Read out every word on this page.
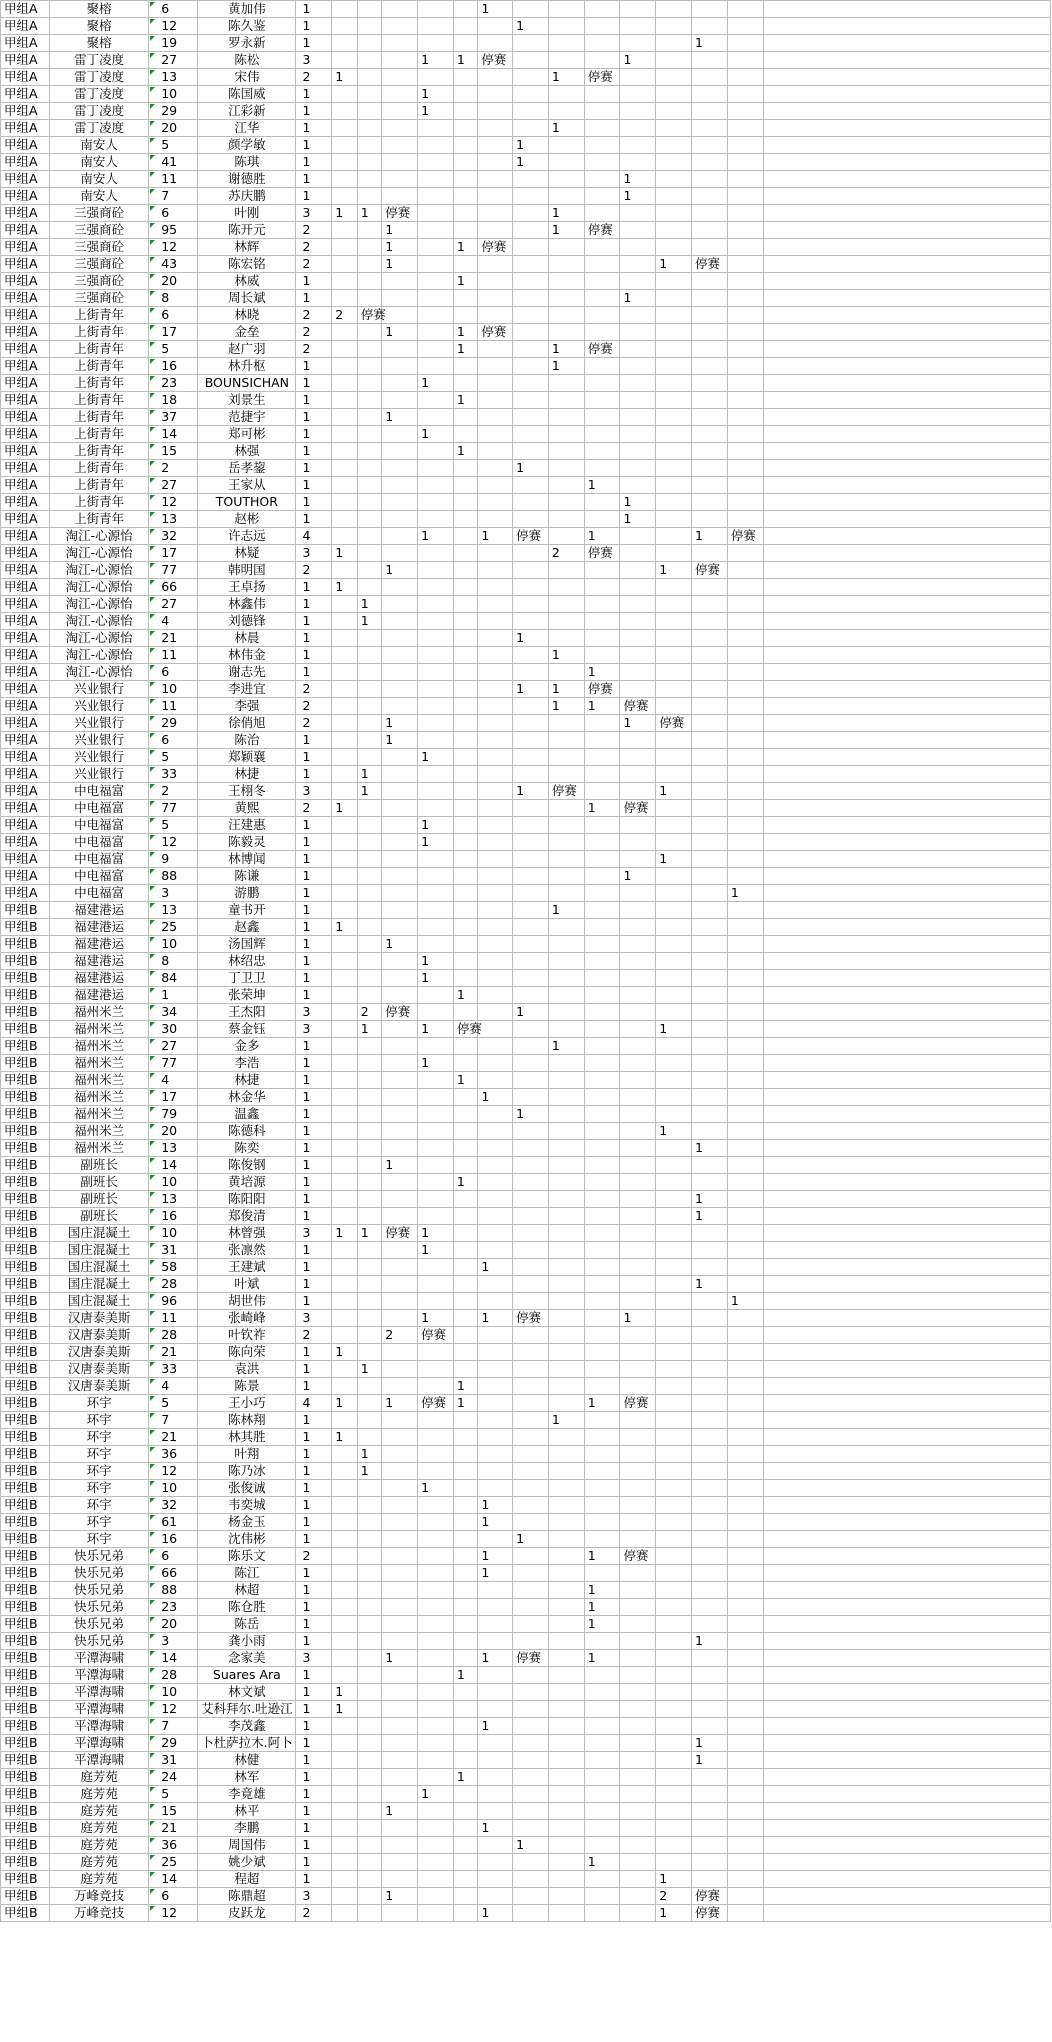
甲组A	聚榕	6	黄加伟	1						1								
甲组A	聚榕	12	陈久鉴	1							1							
甲组A	聚榕	19	罗永新	1												1		
甲组A	雷丁凌度	27	陈松	3				1	1	停赛				1				
甲组A	雷丁凌度	13	宋伟	2	1							1	停赛					
甲组A	雷丁凌度	10	陈国威	1				1										
甲组A	雷丁凌度	29	江彩新	1				1										
甲组A	雷丁凌度	20	江华	1								1						
甲组A	南安人	5	颜学敏	1							1							
甲组A	南安人	41	陈琪	1							1							
甲组A	南安人	11	谢德胜	1										1				
甲组A	南安人	7	苏庆鹏	1										1				
甲组A	三强商砼	6	叶刚	3	1	1	停赛					1						
甲组A	三强商砼	95	陈开元	2			1					1	停赛					
甲组A	三强商砼	12	林辉	2			1		1	停赛								
甲组A	三强商砼	43	陈宏铭	2			1								1	停赛		
甲组A	三强商砼	20	林威	1					1									
甲组A	三强商砼	8	周长斌	1										1				
甲组A	上街青年	6	林晓	2	2	停赛												
甲组A	上街青年	17	金垒	2			1		1	停赛								
甲组A	上街青年	5	赵广羽	2					1			1	停赛					
甲组A	上街青年	16	林升枢	1								1						
甲组A	上街青年	23	BOUNSICHAN	1				1										
甲组A	上街青年	18	刘景生	1					1									
甲组A	上街青年	37	范捷宇	1			1											
甲组A	上街青年	14	郑可彬	1				1										
甲组A	上街青年	15	林强	1					1									
甲组A	上街青年	2	岳孝鋆	1							1							
甲组A	上街青年	27	王家从	1									1					
甲组A	上街青年	12	TOUTHOR	1										1				
甲组A	上街青年	13	赵彬	1										1				
甲组A	淘江-心源怡	32	许志远	4				1		1	停赛		1			1	停赛	
甲组A	淘江-心源怡	17	林疑	3	1							2	停赛					
甲组A	淘江-心源怡	77	韩明国	2			1								1	停赛		
甲组A	淘江-心源怡	66	王卓扬	1	1													
甲组A	淘江-心源怡	27	林鑫伟	1		1												
甲组A	淘江-心源怡	4	刘德锋	1		1												
甲组A	淘江-心源怡	21	林晨	1							1							
甲组A	淘江-心源怡	11	林伟金	1								1						
甲组A	淘江-心源怡	6	谢志先	1									1					
甲组A	兴业银行	10	李进宜	2							1	1	停赛					
甲组A	兴业银行	11	李强	2								1	1	停赛				
甲组A	兴业银行	29	徐俏旭	2			1							1	停赛			
甲组A	兴业银行	6	陈治	1			1											
甲组A	兴业银行	5	郑颖襄	1				1										
甲组A	兴业银行	33	林捷	1		1												
甲组A	中电福富	2	王栩冬	3		1					1	停赛			1			
甲组A	中电福富	77	黄熙	2	1								1	停赛				
甲组A	中电福富	5	汪建惠	1				1										
甲组A	中电福富	12	陈毅灵	1				1										
甲组A	中电福富	9	林博闻	1											1			
甲组A	中电福富	88	陈谦	1										1				
甲组A	中电福富	3	游鹏	1													1	
甲组B	福建港运	13	童书开	1								1						
甲组B	福建港运	25	赵鑫	1	1													
甲组B	福建港运	10	汤国辉	1			1											
甲组B	福建港运	8	林绍忠	1				1										
甲组B	福建港运	84	丁卫卫	1				1										
甲组B	福建港运	1	张荣坤	1					1									
甲组B	福州米兰	34	王杰阳	3		2	停赛				1							
甲组B	福州米兰	30	蔡金钰	3		1		1	停赛						1			
甲组B	福州米兰	27	金多	1								1						
甲组B	福州米兰	77	李浩	1				1										
甲组B	福州米兰	4	林捷	1					1									
甲组B	福州米兰	17	林金华	1						1								
甲组B	福州米兰	79	温鑫	1							1							
甲组B	福州米兰	20	陈德科	1											1			
甲组B	福州米兰	13	陈奕	1												1		
甲组B	副班长	14	陈俊钢	1			1											
甲组B	副班长	10	黄培源	1					1									
甲组B	副班长	13	陈阳阳	1												1		
甲组B	副班长	16	郑俊清	1												1		
甲组B	国庄混凝土	10	林曾强	3	1	1	停赛	1										
甲组B	国庄混凝土	31	张凛然	1				1										
甲组B	国庄混凝土	58	王建斌	1						1								
甲组B	国庄混凝土	28	叶斌	1												1		
甲组B	国庄混凝土	96	胡世伟	1													1	
甲组B	汉唐泰美斯	11	张崎峰	3				1		1	停赛			1				
甲组B	汉唐泰美斯	28	叶钦祚	2			2	停赛										
甲组B	汉唐泰美斯	21	陈向荣	1	1													
甲组B	汉唐泰美斯	33	袁洪	1		1												
甲组B	汉唐泰美斯	4	陈景	1					1									
甲组B	环宇	5	王小巧	4	1		1	停赛	1				1	停赛				
甲组B	环宇	7	陈林翔	1								1						
甲组B	环宇	21	林其胜	1	1													
甲组B	环宇	36	叶翔	1		1												
甲组B	环宇	12	陈乃冰	1		1												
甲组B	环宇	10	张俊诚	1				1										
甲组B	环宇	32	韦奕城	1						1								
甲组B	环宇	61	杨金玉	1						1								
甲组B	环宇	16	沈伟彬	1							1							
甲组B	快乐兄弟	6	陈乐文	2						1			1	停赛				
甲组B	快乐兄弟	66	陈江	1						1								
甲组B	快乐兄弟	88	林超	1									1					
甲组B	快乐兄弟	23	陈仓胜	1									1					
甲组B	快乐兄弟	20	陈岳	1									1					
甲组B	快乐兄弟	3	龚小雨	1												1		
甲组B	平潭海啸	14	念家美	3			1			1	停赛		1					
甲组B	平潭海啸	28	Suares Ara	1					1									
甲组B	平潭海啸	10	林文斌	1	1													
甲组B	平潭海啸	12	艾科拜尔.吐逊江	1	1													
甲组B	平潭海啸	7	李茂鑫	1						1								
甲组B	平潭海啸	29	卜杜萨拉木.阿卜	1												1		
甲组B	平潭海啸	31	林健	1												1		
甲组B	庭芳苑	24	林军	1					1									
甲组B	庭芳苑	5	李竟雄	1				1										
甲组B	庭芳苑	15	林平	1			1											
甲组B	庭芳苑	21	李鹏	1						1								
甲组B	庭芳苑	36	周国伟	1							1							
甲组B	庭芳苑	25	姚少斌	1									1					
甲组B	庭芳苑	14	程超	1											1			
甲组B	万峰竞技	6	陈鼎超	3			1								2	停赛		
甲组B	万峰竞技	12	皮跃龙	2						1					1	停赛		
